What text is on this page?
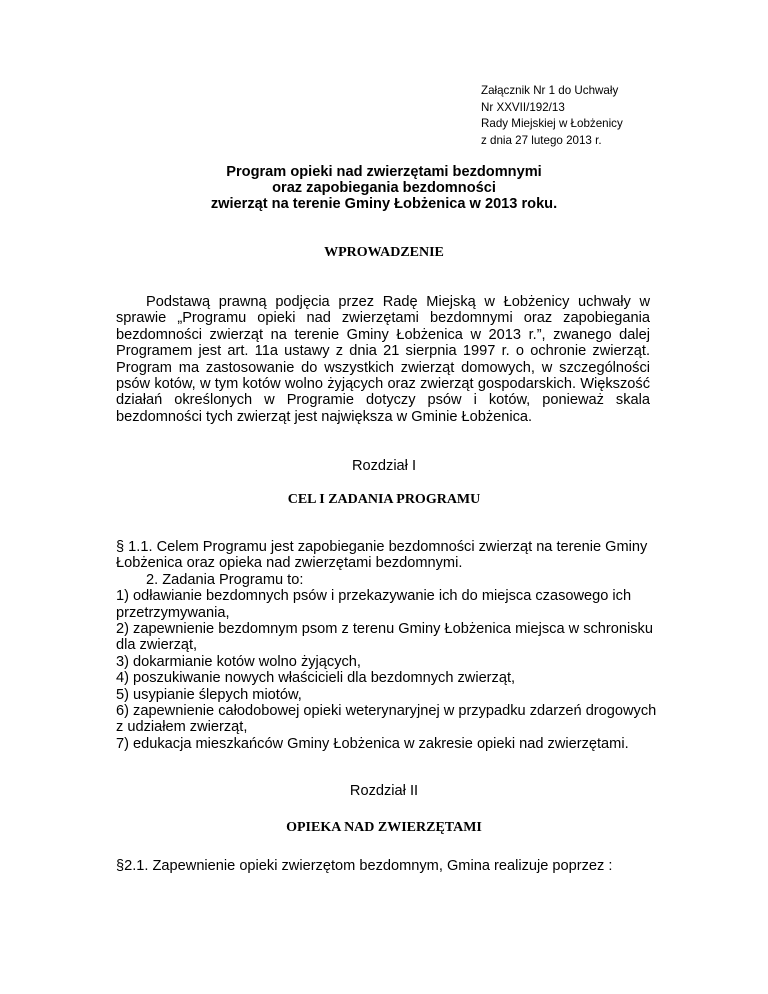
Załącznik Nr 1 do Uchwały
Nr XXVII/192/13
Rady Miejskiej w Łobżenicy
z dnia 27 lutego 2013 r.
Program opieki nad zwierzętami bezdomnymi
oraz zapobiegania bezdomności
zwierząt na terenie Gminy Łobżenica w 2013 roku.
WPROWADZENIE

Podstawą prawną podjęcia przez Radę Miejską w Łobżenicy uchwały w sprawie „Programu opieki nad zwierzętami bezdomnymi oraz zapobiegania bezdomności zwierząt na terenie Gminy Łobżenica w 2013 r.”, zwanego dalej Programem jest art. 11a ustawy z dnia 21 sierpnia 1997 r. o ochronie zwierząt. Program ma zastosowanie do wszystkich zwierząt domowych, w szczególności psów kotów, w tym kotów wolno żyjących oraz zwierząt gospodarskich. Większość działań określonych w Programie dotyczy psów i kotów, ponieważ skala bezdomności tych zwierząt jest największa w Gminie Łobżenica.

Rozdział I
CEL I ZADANIA PROGRAMU
§ 1.1. Celem Programu jest zapobieganie bezdomności zwierząt na terenie Gminy
Łobżenica oraz opieka nad zwierzętami bezdomnymi.
2. Zadania Programu to:
1) odławianie bezdomnych psów i przekazywanie ich do miejsca czasowego ich
przetrzymywania,
2) zapewnienie bezdomnym psom z terenu Gminy Łobżenica miejsca w schronisku
dla zwierząt,
3) dokarmianie kotów wolno żyjących,
4) poszukiwanie nowych właścicieli dla bezdomnych zwierząt,
5) usypianie ślepych miotów,
6) zapewnienie całodobowej opieki weterynaryjnej w przypadku zdarzeń drogowych
z udziałem zwierząt,
7) edukacja mieszkańców Gminy Łobżenica w zakresie opieki nad zwierzętami.
Rozdział II
OPIEKA NAD ZWIERZĘTAMI
§2.1. Zapewnienie opieki zwierzętom bezdomnym, Gmina realizuje poprzez :
